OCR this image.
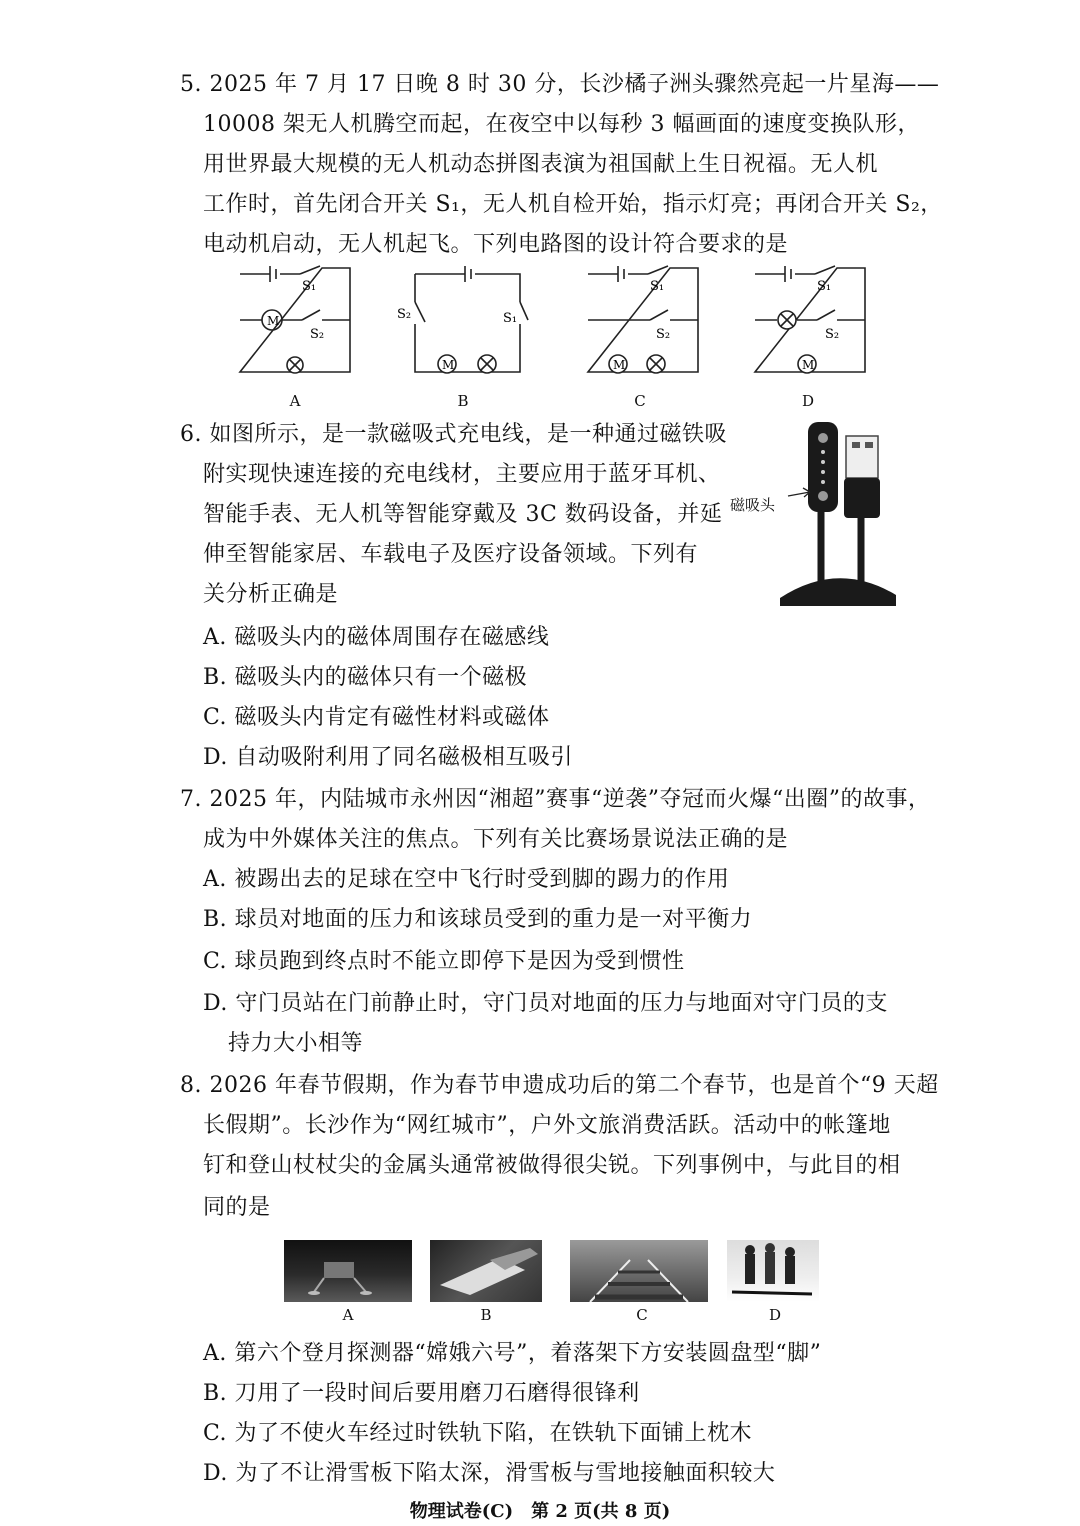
5. 2025 年 7 月 17 日晚 8 时 30 分，长沙橘子洲头骤然亮起一片星海——
10008 架无人机腾空而起，在夜空中以每秒 3 幅画面的速度变换队形，
用世界最大规模的无人机动态拼图表演为祖国献上生日祝福。无人机
工作时，首先闭合开关 S₁，无人机自检开始，指示灯亮；再闭合开关 S₂，
电动机启动，无人机起飞。下列电路图的设计符合要求的是
M
S₁
S₂
A
M
S₂	S₁
B
M
S₁
S₂
C
M
S₁
S₂
D
6. 如图所示，是一款磁吸式充电线，是一种通过磁铁吸
附实现快速连接的充电线材，主要应用于蓝牙耳机、
智能手表、无人机等智能穿戴及 3C 数码设备，并延
伸至智能家居、车载电子及医疗设备领域。下列有
关分析正确是
磁吸头
A. 磁吸头内的磁体周围存在磁感线
B. 磁吸头内的磁体只有一个磁极
C. 磁吸头内肯定有磁性材料或磁体
D. 自动吸附利用了同名磁极相互吸引
7. 2025 年，内陆城市永州因“湘超”赛事“逆袭”夺冠而火爆“出圈”的故事，
成为中外媒体关注的焦点。下列有关比赛场景说法正确的是
A. 被踢出去的足球在空中飞行时受到脚的踢力的作用
B. 球员对地面的压力和该球员受到的重力是一对平衡力
C. 球员跑到终点时不能立即停下是因为受到惯性
D. 守门员站在门前静止时，守门员对地面的压力与地面对守门员的支
持力大小相等
8. 2026 年春节假期，作为春节申遗成功后的第二个春节，也是首个“9 天超
长假期”。长沙作为“网红城市”，户外文旅消费活跃。活动中的帐篷地
钉和登山杖杖尖的金属头通常被做得很尖锐。下列事例中，与此目的相
同的是
A	B	C	D
A. 第六个登月探测器“嫦娥六号”，着落架下方安装圆盘型“脚”
B. 刀用了一段时间后要用磨刀石磨得很锋利
C. 为了不使火车经过时铁轨下陷，在铁轨下面铺上枕木
D. 为了不让滑雪板下陷太深，滑雪板与雪地接触面积较大
物理试卷(C)　第 2 页(共 8 页)
